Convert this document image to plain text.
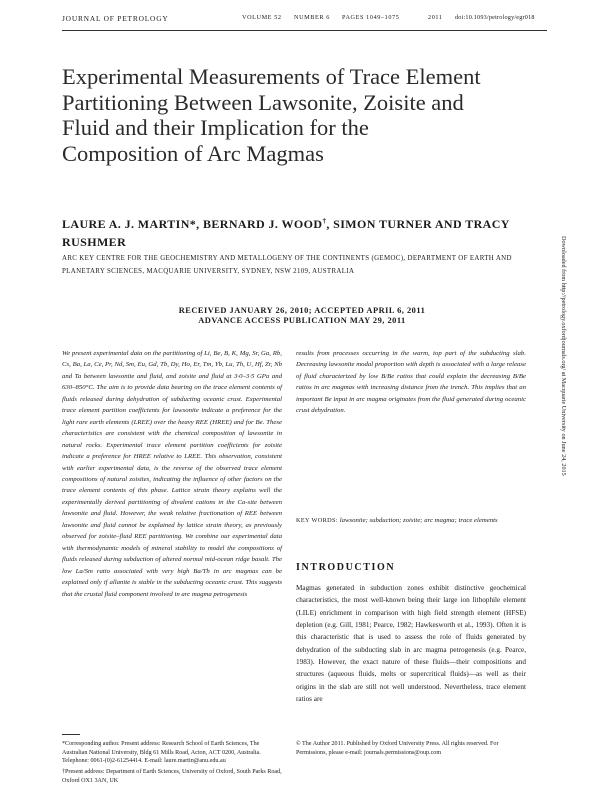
JOURNAL OF PETROLOGY	VOLUME 52 NUMBER 6 PAGES 1049–1075	2011 doi:10.1093/petrology/egr018
Experimental Measurements of Trace Element Partitioning Between Lawsonite, Zoisite and Fluid and their Implication for the Composition of Arc Magmas

LAURE A. J. MARTIN*, BERNARD J. WOOD†, SIMON TURNER AND TRACY RUSHMER

ARC KEY CENTRE FOR THE GEOCHEMISTRY AND METALLOGENY OF THE CONTINENTS (GEMOC), DEPARTMENT OF EARTH AND PLANETARY SCIENCES, MACQUARIE UNIVERSITY, SYDNEY, NSW 2109, AUSTRALIA

RECEIVED JANUARY 26, 2010; ACCEPTED APRIL 6, 2011
ADVANCE ACCESS PUBLICATION MAY 29, 2011

We present experimental data on the partitioning of Li, Be, B, K, Mg, Sr, Ga, Rb, Cs, Ba, La, Ce, Pr, Nd, Sm, Eu, Gd, Tb, Dy, Ho, Er, Tm, Yb, Lu, Th, U, Hf, Zr, Nb and Ta between lawsonite and fluid, and zoisite and fluid at 3·0–3·5 GPa and 630–850°C. The aim is to provide data bearing on the trace element contents of fluids released during dehydration of subducting oceanic crust. Experimental trace element partition coefficients for lawsonite indicate a preference for the light rare earth elements (LREE) over the heavy REE (HREE) and for Be. These characteristics are consistent with the chemical composition of lawsonite in natural rocks. Experimental trace element partition coefficients for zoisite indicate a preference for HREE relative to LREE. This observation, consistent with earlier experimental data, is the reverse of the observed trace element compositions of natural zoisites, indicating the influence of other factors on the trace element contents of this phase. Lattice strain theory explains well the experimentally derived partitioning of divalent cations in the Ca-site between lawsonite and fluid. However, the weak relative fractionation of REE between lawsonite and fluid cannot be explained by lattice strain theory, as previously observed for zoisite–fluid REE partitioning. We combine our experimental data with thermodynamic models of mineral stability to model the compositions of fluids released during subduction of altered normal mid-ocean ridge basalt. The low La/Sm ratio associated with very high Ba/Th in arc magmas can be explained only if allanite is stable in the subducting oceanic crust. This suggests that the crustal fluid component involved in arc magma petrogenesis

results from processes occurring in the warm, top part of the subducting slab. Decreasing lawsonite modal proportion with depth is associated with a large release of fluid characterized by low B/Be ratios that could explain the decreasing B/Be ratios in arc magmas with increasing distance from the trench. This implies that an important Be input in arc magma originates from the fluid generated during oceanic crust dehydration.

KEY WORDS: lawsonite; subduction; zoisite; arc magma; trace elements

INTRODUCTION

Magmas generated in subduction zones exhibit distinctive geochemical characteristics, the most well-known being their large ion lithophile element (LILE) enrichment in comparison with high field strength element (HFSE) depletion (e.g. Gill, 1981; Pearce, 1982; Hawkesworth et al., 1993). Often it is this characteristic that is used to assess the role of fluids generated by dehydration of the subducting slab in arc magma petrogenesis (e.g. Pearce, 1983). However, the exact nature of these fluids—their compositions and structures (aqueous fluids, melts or supercritical fluids)—as well as their origins in the slab are still not well understood. Nevertheless, trace element ratios are

*Corresponding author. Present address: Research School of Earth Sciences, The Australian National University, Bldg 61 Mills Road, Acton, ACT 0200, Australia. Telephone: 0061-(0)2-61254414. E-mail: laure.martin@anu.edu.au

†Present address: Department of Earth Sciences, University of Oxford, South Parks Road, Oxford OX1 3AN, UK

© The Author 2011. Published by Oxford University Press. All rights reserved. For Permissions, please e-mail: journals.permissions@oup.com

Downloaded from http://petrology.oxfordjournals.org/ at Macquarie University on June 24, 2015
